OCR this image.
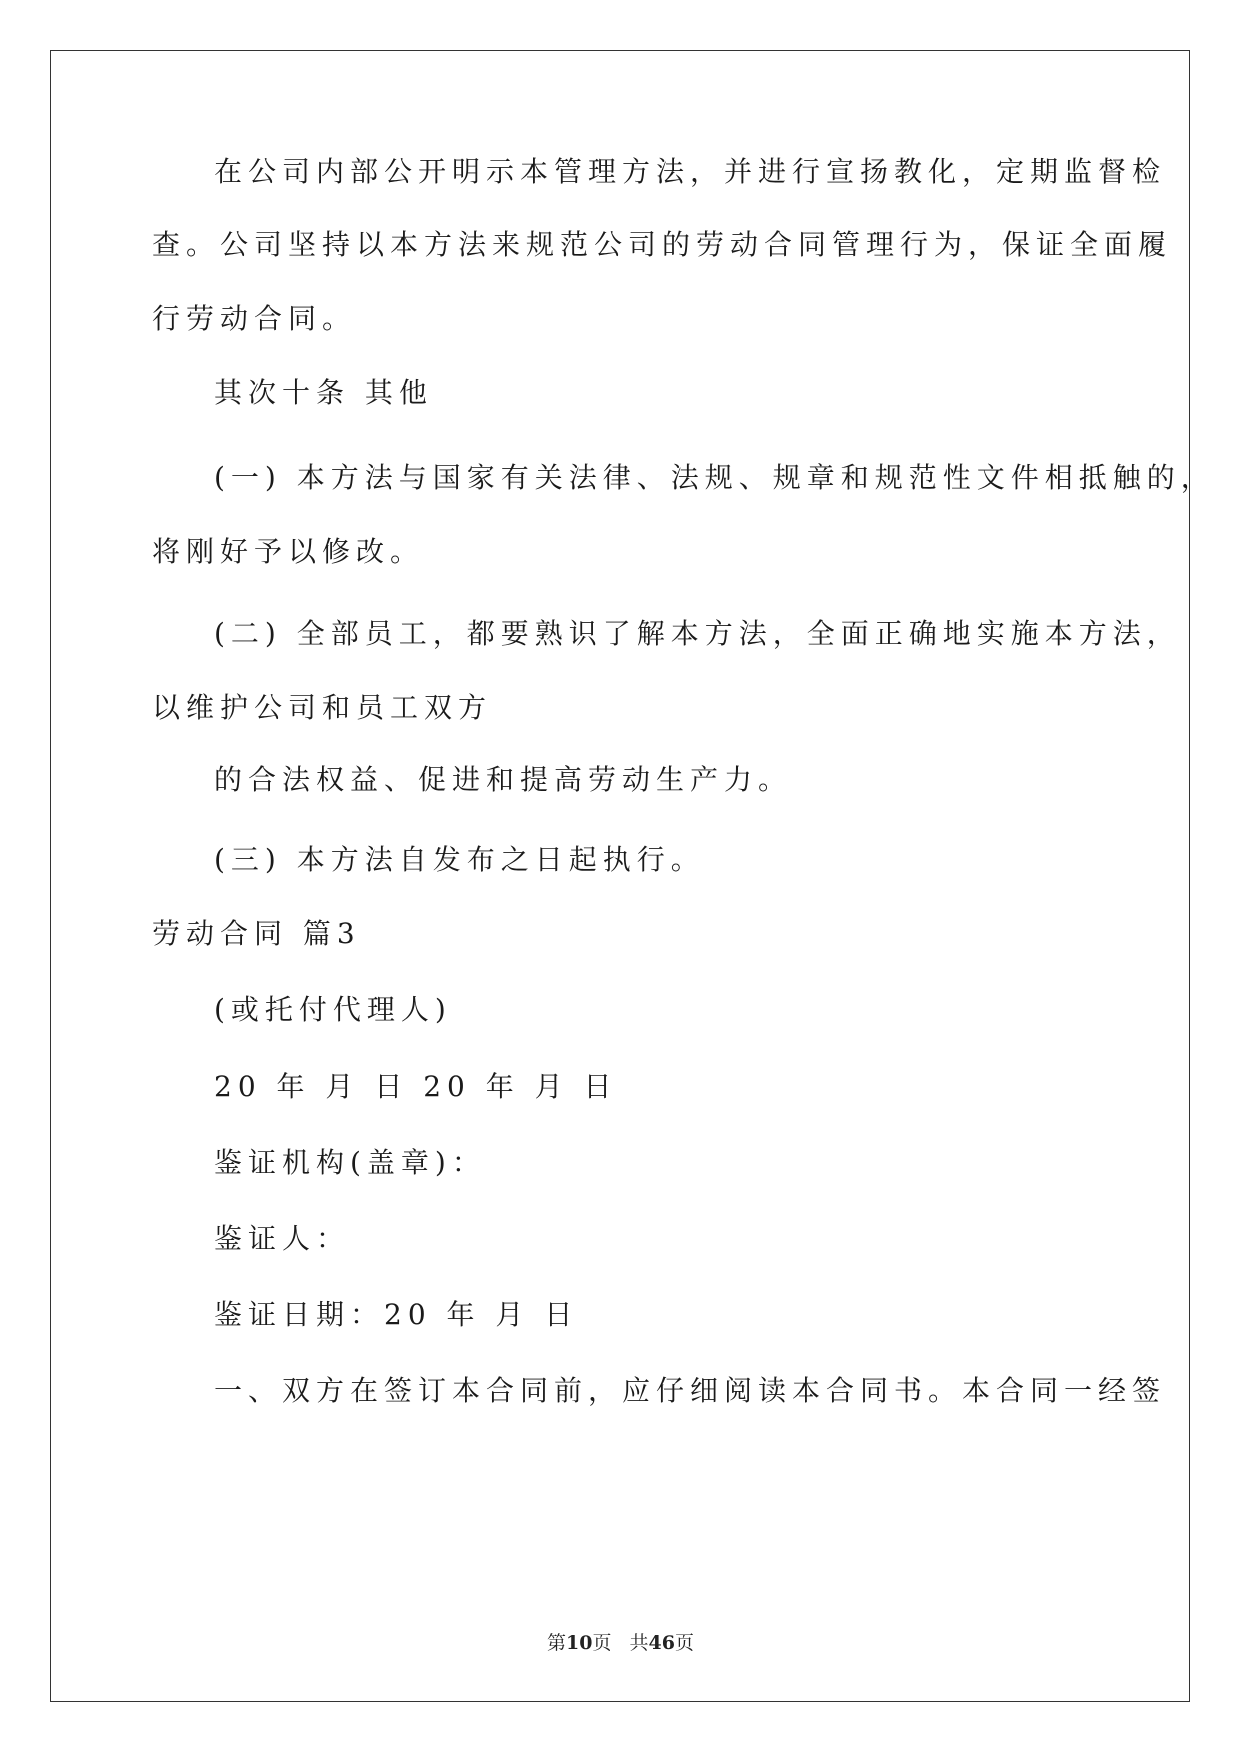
在公司内部公开明示本管理方法，并进行宣扬教化，定期监督检
查。公司坚持以本方法来规范公司的劳动合同管理行为，保证全面履
行劳动合同。
其次十条 其他
(一) 本方法与国家有关法律、法规、规章和规范性文件相抵触的，
将刚好予以修改。
(二) 全部员工，都要熟识了解本方法，全面正确地实施本方法，
以维护公司和员工双方
的合法权益、促进和提高劳动生产力。
(三) 本方法自发布之日起执行。
劳动合同 篇3
(或托付代理人)
20 年 月 日 20 年 月 日
鉴证机构(盖章)：
鉴证人：
鉴证日期：20 年 月 日
一、双方在签订本合同前，应仔细阅读本合同书。本合同一经签
第10页 共46页
